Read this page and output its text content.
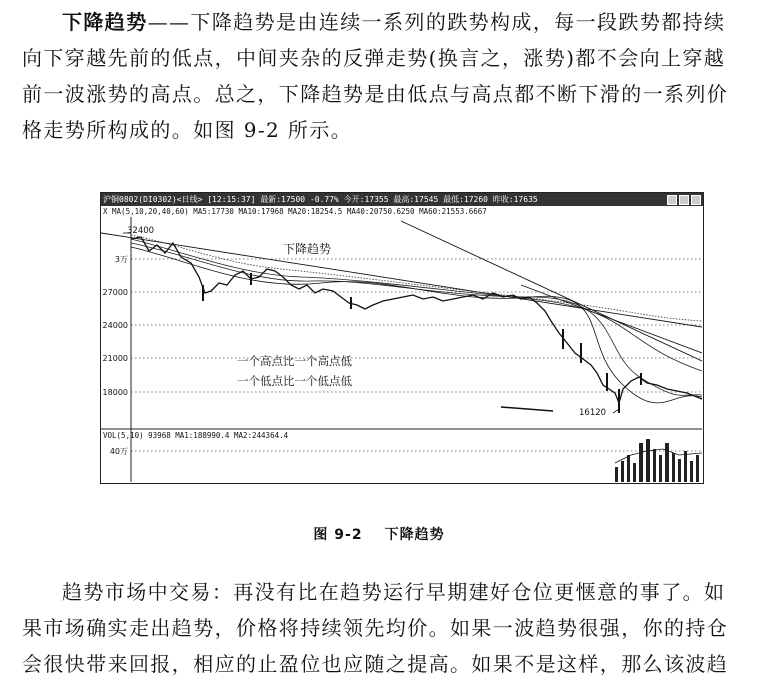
下降趋势——下降趋势是由连续一系列的跌势构成，每一段跌势都持续向下穿越先前的低点，中间夹杂的反弹走势(换言之，涨势)都不会向上穿越前一波涨势的高点。总之，下降趋势是由低点与高点都不断下滑的一系列价格走势所构成的。如图 9-2 所示。

沪铜0802(DI0302)<日线> [12:15:37] 最新:17500 -0.77% 今开:17355 最高:17545 最低:17260 昨收:17635
X MA(5,10,20,40,60) MA5:17730 MA10:17968 MA20:18254.5 MA40:20750.6250 MA60:21553.6667
VOL(5,10) 93968 MA1:188990.4 MA2:244364.4
3万
27000
24000
21000
18000
40万
32400
16120
下降趋势
一个高点比一个高点低
一个低点比一个低点低
图 9-2 下降趋势

趋势市场中交易：再没有比在趋势运行早期建好仓位更惬意的事了。如果市场确实走出趋势，价格将持续领先均价。如果一波趋势很强，你的持仓会很快带来回报，相应的止盈位也应随之提高。如果不是这样，那么该波趋
